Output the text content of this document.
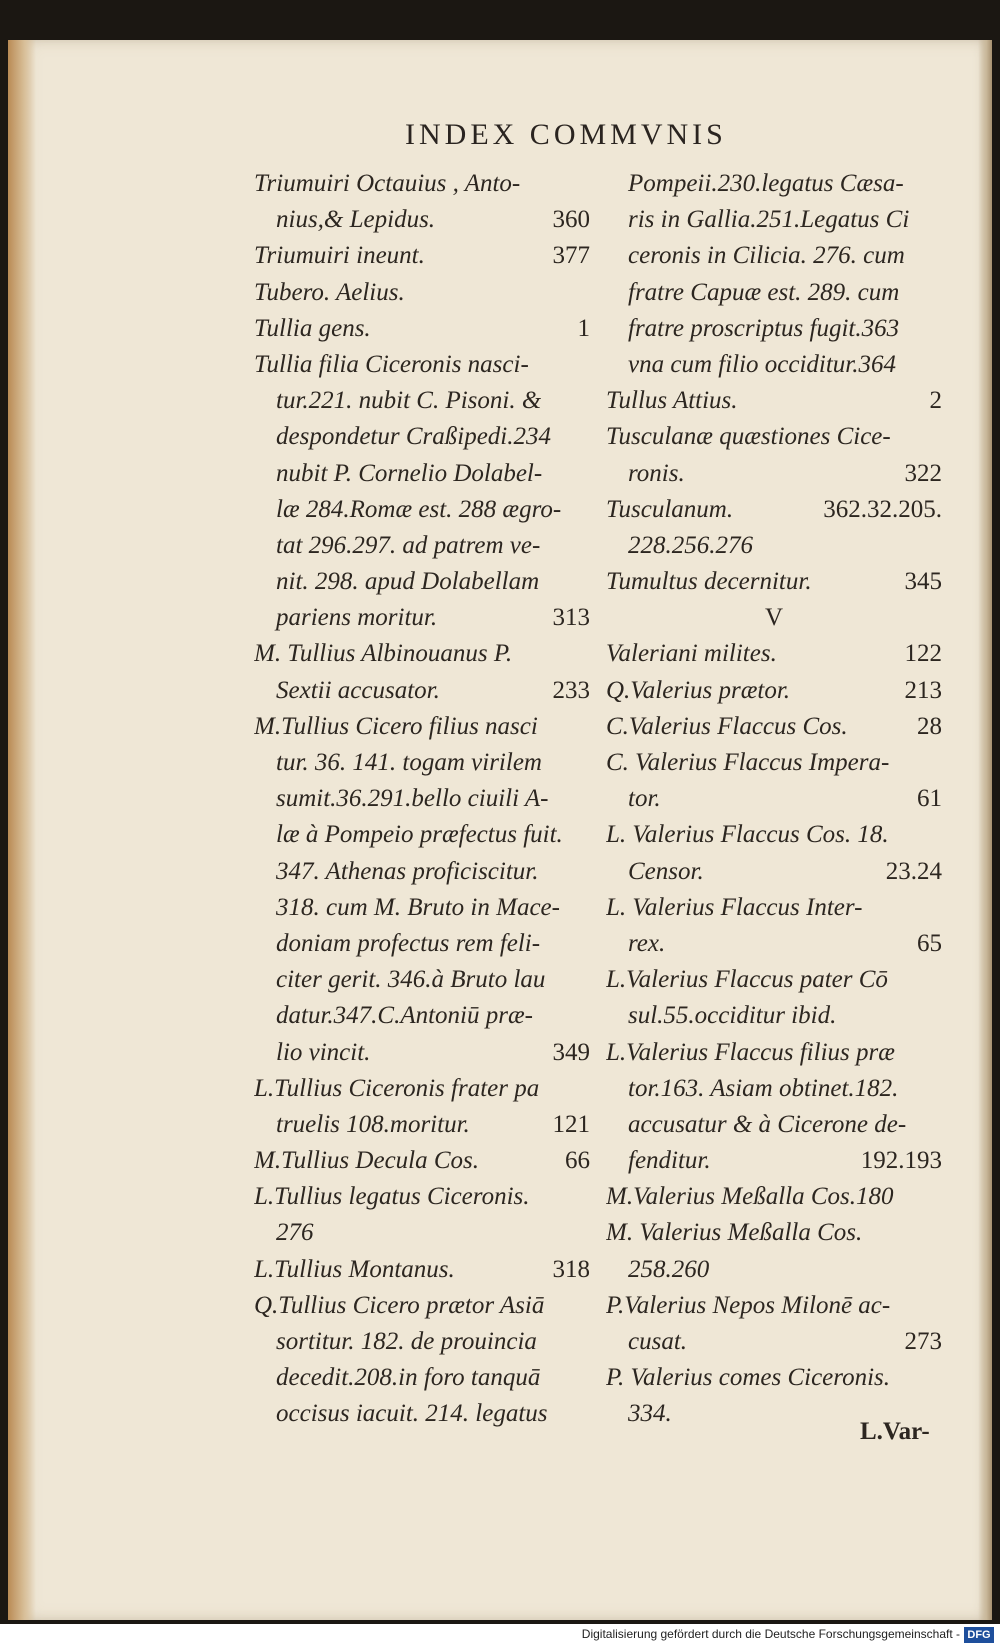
INDEX COMMVNIS
Triumuiri Octauius , Anto-
nius,& Lepidus.	360
Triumuiri ineunt.	377
Tubero. Aelius.
Tullia gens.	1
Tullia filia Ciceronis nasci-
tur.221. nubit C. Pisoni. &
despondetur Craßipedi.234
nubit P. Cornelio Dolabel-
læ 284.Romæ est. 288 ægro-
tat 296.297. ad patrem ve-
nit. 298. apud Dolabellam
pariens moritur.	313
M. Tullius Albinouanus P.
Sextii accusator.	233
M.Tullius Cicero filius nasci
tur. 36. 141. togam virilem
sumit.36.291.bello ciuili A-
læ à Pompeio præfectus fuit.
347. Athenas proficiscitur.
318. cum M. Bruto in Mace-
doniam profectus rem feli-
citer gerit. 346.à Bruto lau
datur.347.C.Antoniū præ-
lio vincit.	349
L.Tullius Ciceronis frater pa
truelis 108.moritur.	121
M.Tullius Decula Cos.	66
L.Tullius legatus Ciceronis.
276
L.Tullius Montanus.	318
Q.Tullius Cicero prætor Asiā
sortitur. 182. de prouincia
decedit.208.in foro tanquā
occisus iacuit. 214. legatus
Pompeii.230.legatus Cæsa-
ris in Gallia.251.Legatus Ci
ceronis in Cilicia. 276. cum
fratre Capuæ est. 289. cum
fratre proscriptus fugit.363
vna cum filio occiditur.364
Tullus Attius.	2
Tusculanæ quæstiones Cice-
ronis.	322
Tusculanum.	362.32.205.
228.256.276
Tumultus decernitur.	345
V
Valeriani milites.	122
Q.Valerius prætor.	213
C.Valerius Flaccus Cos.	28
C. Valerius Flaccus Impera-
tor.	61
L. Valerius Flaccus Cos. 18.
Censor.	23.24
L. Valerius Flaccus Inter-
rex.	65
L.Valerius Flaccus pater Cō
sul.55.occiditur ibid.
L.Valerius Flaccus filius præ
tor.163. Asiam obtinet.182.
accusatur & à Cicerone de-
fenditur.	192.193
M.Valerius Meßalla Cos.180
M. Valerius Meßalla Cos.
258.260
P.Valerius Nepos Milonē ac-
cusat.	273
P. Valerius comes Ciceronis.
334.
L.Var-
Digitalisierung gefördert durch die Deutsche Forschungsgemeinschaft - DFG
